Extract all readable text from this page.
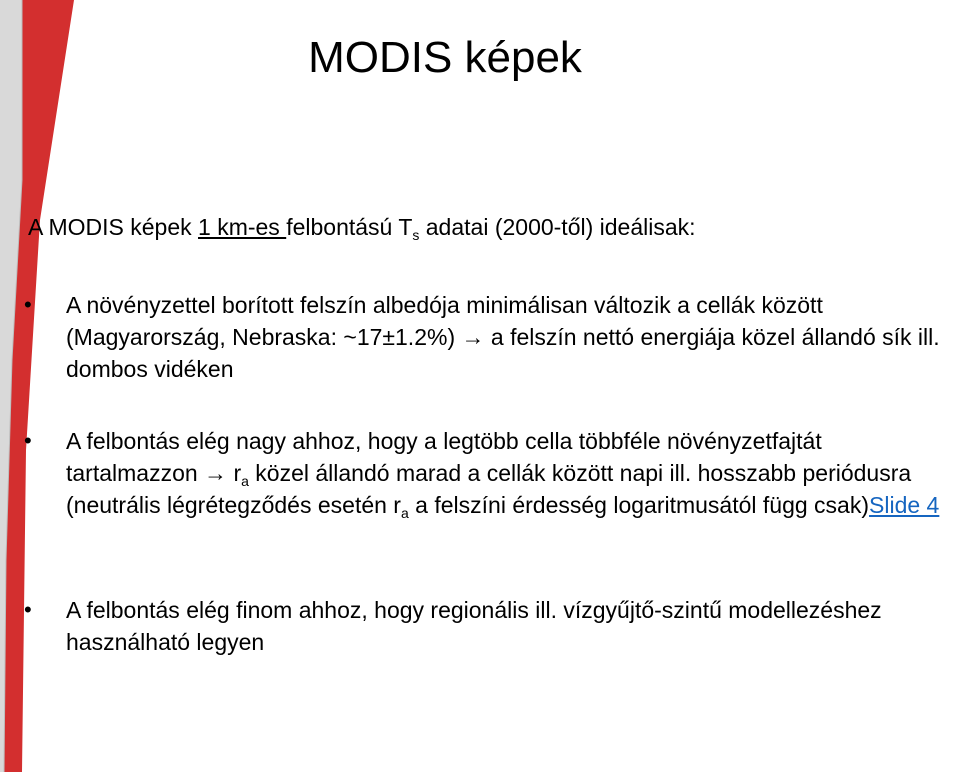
MODIS képek
A MODIS képek 1 km-es felbontású $T_s$ adatai (2000-től) ideálisak:
• A növényzettel borított felszín albedója minimálisan változik a cellák között (Magyarország, Nebraska: ~17±1.2%) → a felszín nettó energiája közel állandó sík ill. dombos vidéken
• A felbontás elég nagy ahhoz, hogy a legtöbb cella többféle növényzetfajtát tartalmazzon → $r_a$ közel állandó marad a cellák között napi ill. hosszabb periódusra (neutrális légrétegződés esetén $r_a$ a felszíni érdesség logaritmusától függ csak)Slide 4
• A felbontás elég finom ahhoz, hogy regionális ill. vízgyűjtő-szintű modellezéshez használható legyen
